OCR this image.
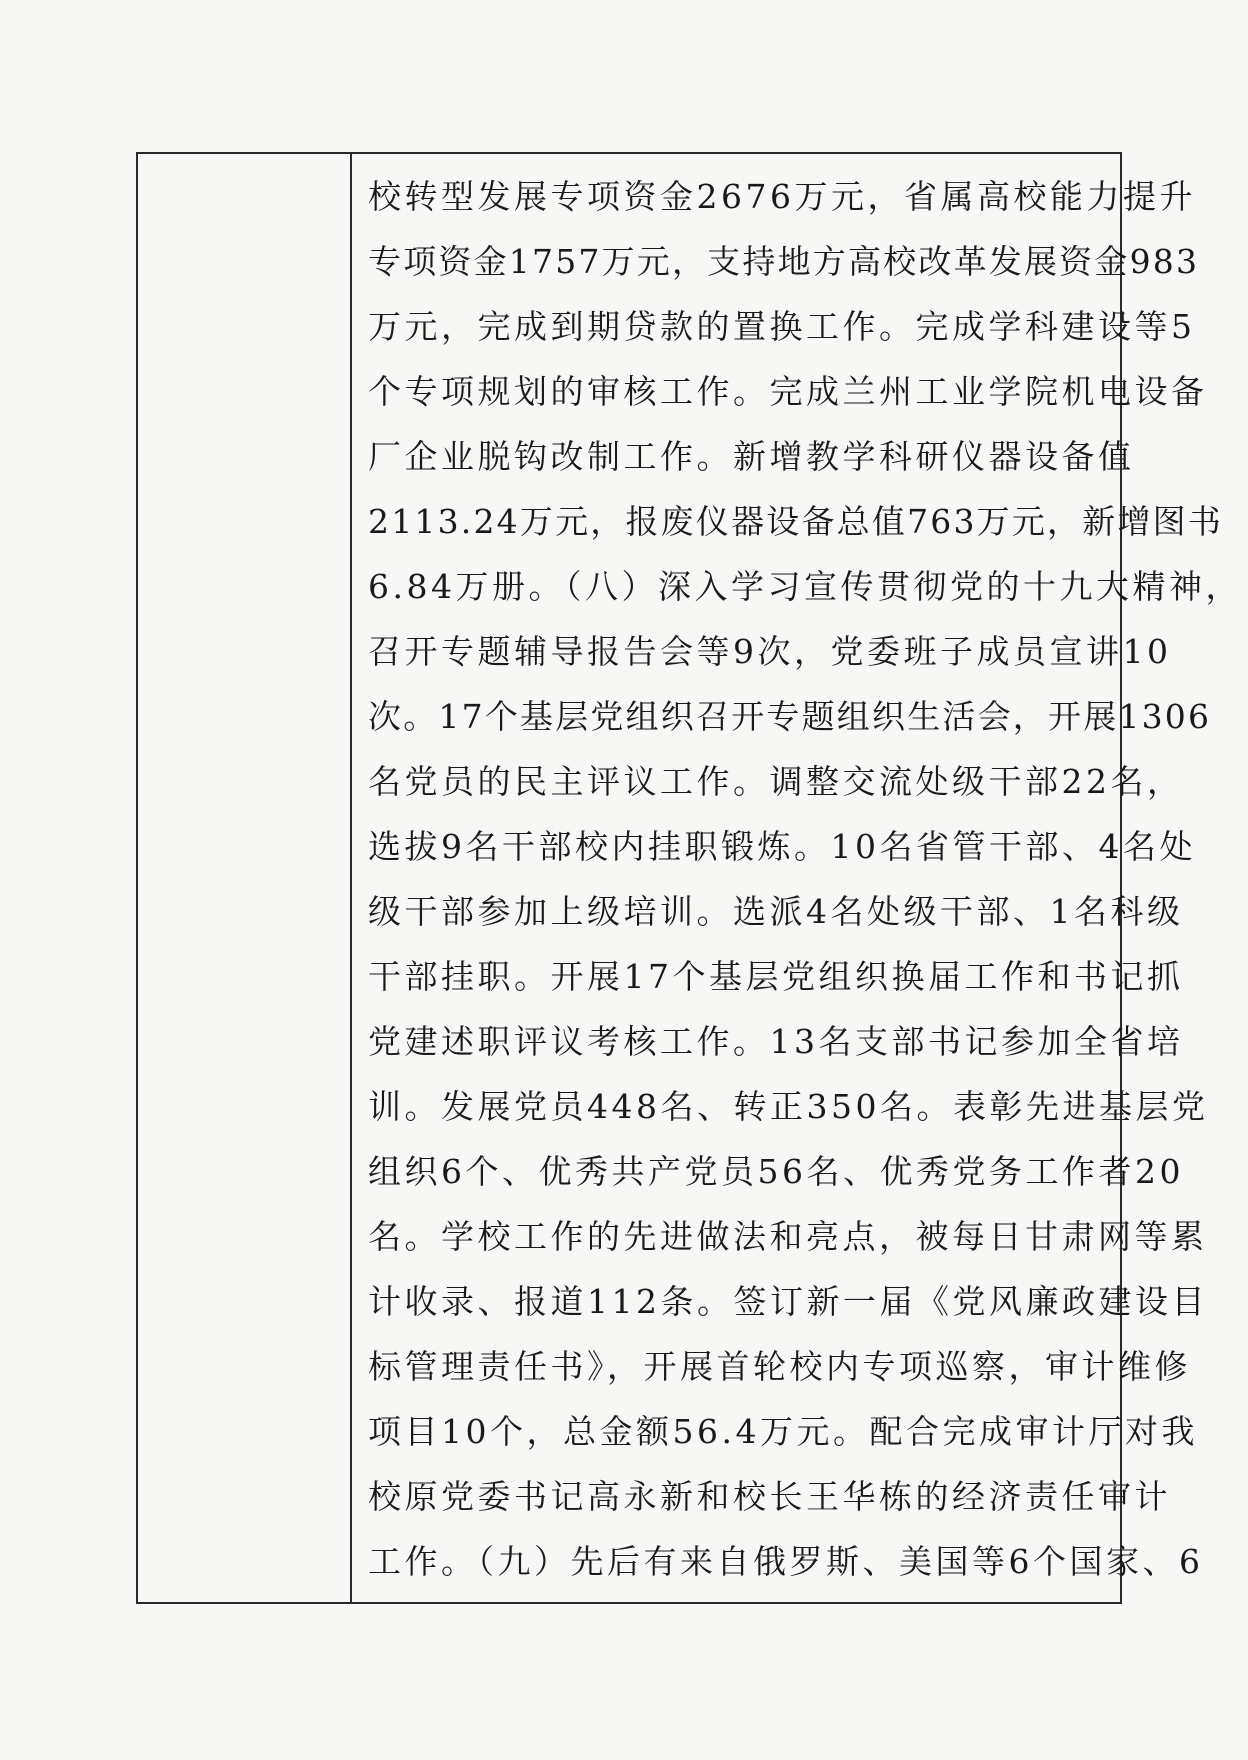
校转型发展专项资金2676万元，省属高校能力提升
专项资金1757万元，支持地方高校改革发展资金983
万元，完成到期贷款的置换工作。完成学科建设等5
个专项规划的审核工作。完成兰州工业学院机电设备
厂企业脱钩改制工作。新增教学科研仪器设备值
2113.24万元，报废仪器设备总值763万元，新增图书
6.84万册。（八）深入学习宣传贯彻党的十九大精神，
召开专题辅导报告会等9次，党委班子成员宣讲10
次。17个基层党组织召开专题组织生活会，开展1306
名党员的民主评议工作。调整交流处级干部22名，
选拔9名干部校内挂职锻炼。10名省管干部、4名处
级干部参加上级培训。选派4名处级干部、1名科级
干部挂职。开展17个基层党组织换届工作和书记抓
党建述职评议考核工作。13名支部书记参加全省培
训。发展党员448名、转正350名。表彰先进基层党
组织6个、优秀共产党员56名、优秀党务工作者20
名。学校工作的先进做法和亮点，被每日甘肃网等累
计收录、报道112条。签订新一届《党风廉政建设目
标管理责任书》，开展首轮校内专项巡察，审计维修
项目10个，总金额56.4万元。配合完成审计厅对我
校原党委书记高永新和校长王华栋的经济责任审计
工作。（九）先后有来自俄罗斯、美国等6个国家、6
